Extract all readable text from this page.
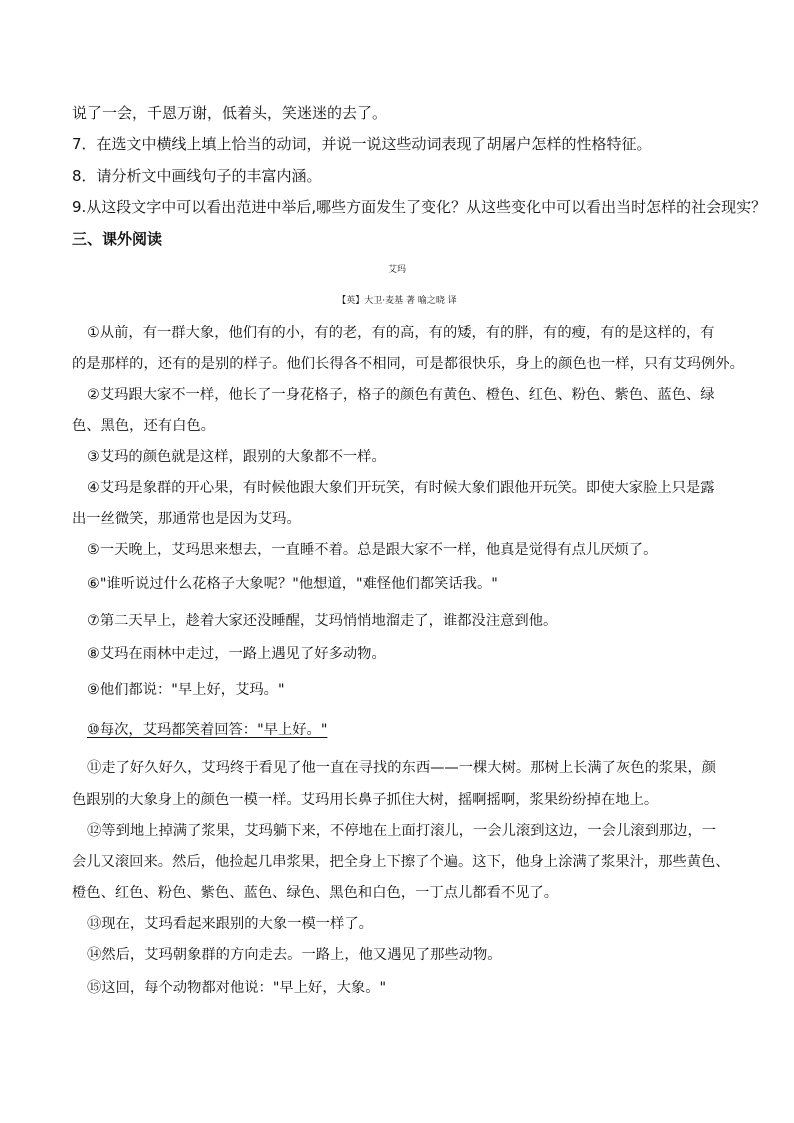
说了一会，千恩万谢，低着头，笑迷迷的去了。
7．在选文中横线上填上恰当的动词，并说一说这些动词表现了胡屠户怎样的性格特征。
8．请分析文中画线句子的丰富内涵。
9.从这段文字中可以看出范进中举后,哪些方面发生了变化？从这些变化中可以看出当时怎样的社会现实？
三、课外阅读
艾玛
【英】大卫·麦基 著 喻之晓 译
①从前，有一群大象，他们有的小，有的老，有的高，有的矮，有的胖，有的瘦，有的是这样的，有
的是那样的，还有的是别的样子。他们长得各不相同，可是都很快乐，身上的颜色也一样，只有艾玛例外。
②艾玛跟大家不一样，他长了一身花格子，格子的颜色有黄色、橙色、红色、粉色、紫色、蓝色、绿
色、黑色，还有白色。
③艾玛的颜色就是这样，跟别的大象都不一样。
④艾玛是象群的开心果，有时候他跟大象们开玩笑，有时候大象们跟他开玩笑。即使大家脸上只是露
出一丝微笑，那通常也是因为艾玛。
⑤一天晚上，艾玛思来想去，一直睡不着。总是跟大家不一样，他真是觉得有点儿厌烦了。
⑥"谁听说过什么花格子大象呢？"他想道，"难怪他们都笑话我。"
⑦第二天早上，趁着大家还没睡醒，艾玛悄悄地溜走了，谁都没注意到他。
⑧艾玛在雨林中走过，一路上遇见了好多动物。
⑨他们都说："早上好，艾玛。"
⑩每次，艾玛都笑着回答："早上好。"
⑪走了好久好久，艾玛终于看见了他一直在寻找的东西——一棵大树。那树上长满了灰色的浆果，颜
色跟别的大象身上的颜色一模一样。艾玛用长鼻子抓住大树，摇啊摇啊，浆果纷纷掉在地上。
⑫等到地上掉满了浆果，艾玛躺下来，不停地在上面打滚儿，一会儿滚到这边，一会儿滚到那边，一
会儿又滚回来。然后，他捡起几串浆果，把全身上下擦了个遍。这下，他身上涂满了浆果汁，那些黄色、
橙色、红色、粉色、紫色、蓝色、绿色、黑色和白色，一丁点儿都看不见了。
⑬现在，艾玛看起来跟别的大象一模一样了。
⑭然后，艾玛朝象群的方向走去。一路上，他又遇见了那些动物。
⑮这回，每个动物都对他说："早上好，大象。"
